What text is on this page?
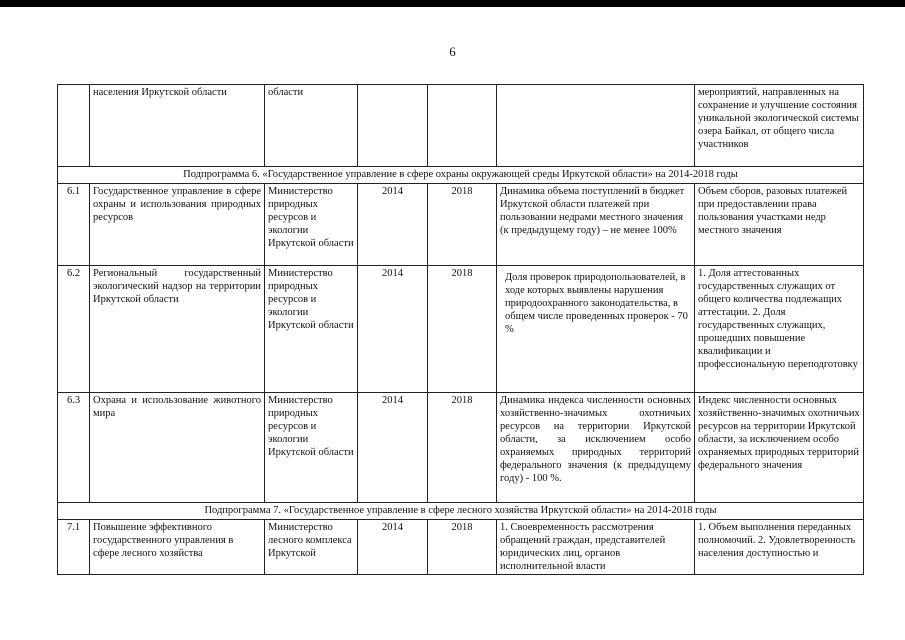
6
	населения Иркутской области	области				мероприятий, направленных на сохранение и улучшение состояния уникальной экологической системы озера Байкал, от общего числа участников
Подпрограмма 6. «Государственное управление в сфере охраны окружающей среды Иркутской области» на 2014-2018 годы						
6.1	Государственное управление в сфере охраны и использования природных ресурсов	Министерство природных ресурсов и экологии Иркутской области	2014	2018	Динамика объема поступлений в бюджет Иркутской области платежей при пользовании недрами местного значения (к предыдущему году) – не менее 100%	Объем сборов, разовых платежей при предоставлении права пользования участками недр местного значения
6.2	Региональный государственный экологический надзор на территории Иркутской области	Министерство природных ресурсов и экологии Иркутской области	2014	2018	Доля проверок природопользователей, в ходе которых выявлены нарушения природоохранного законодательства, в общем числе проведенных проверок - 70 %	1. Доля аттестованных государственных служащих от общего количества подлежащих аттестации. 2. Доля государственных служащих, прошедших повышение квалификации и профессиональную переподготовку
6.3	Охрана и использование животного мира	Министерство природных ресурсов и экологии Иркутской области	2014	2018	Динамика индекса численности основных хозяйственно-значимых охотничьих ресурсов на территории Иркутской области, за исключением особо охраняемых природных территорий федерального значения (к предыдущему году) - 100 %.	Индекс численности основных хозяйственно-значимых охотничьих ресурсов на территории Иркутской области, за исключением особо охраняемых природных территорий федерального значения
Подпрограмма 7. «Государственное управление в сфере лесного хозяйства Иркутской области» на 2014-2018 годы						
7.1	Повышение эффективного государственного управления в сфере лесного хозяйства	Министерство лесного комплекса Иркутской	2014	2018	1. Своевременность рассмотрения обращений граждан, представителей юридических лиц, органов исполнительной власти	1. Объем выполнения переданных полномочий. 2. Удовлетворенность населения доступностью и
